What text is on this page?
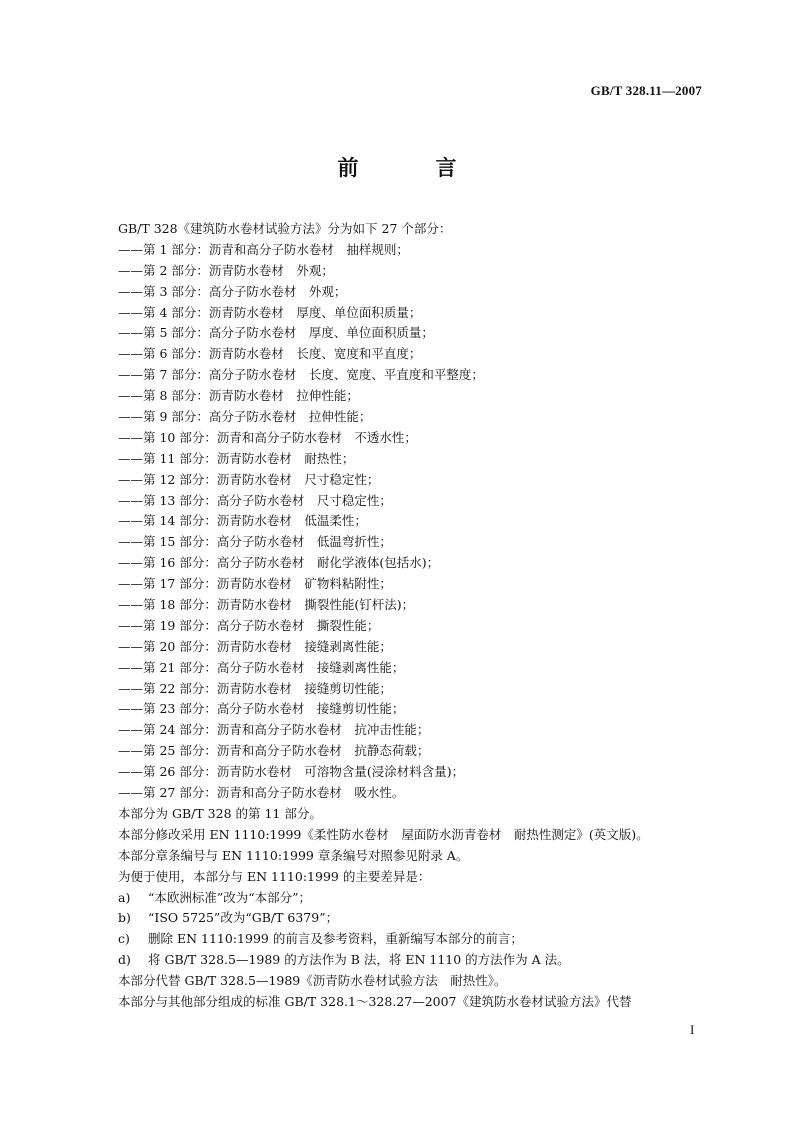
GB/T 328.11—2007
前　言
GB/T 328《建筑防水卷材试验方法》分为如下 27 个部分：
——第 1 部分：沥青和高分子防水卷材　抽样规则；
——第 2 部分：沥青防水卷材　外观；
——第 3 部分：高分子防水卷材　外观；
——第 4 部分：沥青防水卷材　厚度、单位面积质量；
——第 5 部分：高分子防水卷材　厚度、单位面积质量；
——第 6 部分：沥青防水卷材　长度、宽度和平直度；
——第 7 部分：高分子防水卷材　长度、宽度、平直度和平整度；
——第 8 部分：沥青防水卷材　拉伸性能；
——第 9 部分：高分子防水卷材　拉伸性能；
——第 10 部分：沥青和高分子防水卷材　不透水性；
——第 11 部分：沥青防水卷材　耐热性；
——第 12 部分：沥青防水卷材　尺寸稳定性；
——第 13 部分：高分子防水卷材　尺寸稳定性；
——第 14 部分：沥青防水卷材　低温柔性；
——第 15 部分：高分子防水卷材　低温弯折性；
——第 16 部分：高分子防水卷材　耐化学液体(包括水)；
——第 17 部分：沥青防水卷材　矿物料粘附性；
——第 18 部分：沥青防水卷材　撕裂性能(钉杆法)；
——第 19 部分：高分子防水卷材　撕裂性能；
——第 20 部分：沥青防水卷材　接缝剥离性能；
——第 21 部分：高分子防水卷材　接缝剥离性能；
——第 22 部分：沥青防水卷材　接缝剪切性能；
——第 23 部分：高分子防水卷材　接缝剪切性能；
——第 24 部分：沥青和高分子防水卷材　抗冲击性能；
——第 25 部分：沥青和高分子防水卷材　抗静态荷载；
——第 26 部分：沥青防水卷材　可溶物含量(浸涂材料含量)；
——第 27 部分：沥青和高分子防水卷材　吸水性。
本部分为 GB/T 328 的第 11 部分。
本部分修改采用 EN 1110:1999《柔性防水卷材　屋面防水沥青卷材　耐热性测定》(英文版)。
本部分章条编号与 EN 1110:1999 章条编号对照参见附录 A。
为便于使用，本部分与 EN 1110:1999 的主要差异是：
a) “本欧洲标准”改为“本部分”；
b) “ISO 5725”改为“GB/T 6379”；
c) 删除 EN 1110:1999 的前言及参考资料，重新编写本部分的前言；
d) 将 GB/T 328.5—1989 的方法作为 B 法，将 EN 1110 的方法作为 A 法。
本部分代替 GB/T 328.5—1989《沥青防水卷材试验方法　耐热性》。
本部分与其他部分组成的标准 GB/T 328.1～328.27—2007《建筑防水卷材试验方法》代替
I
